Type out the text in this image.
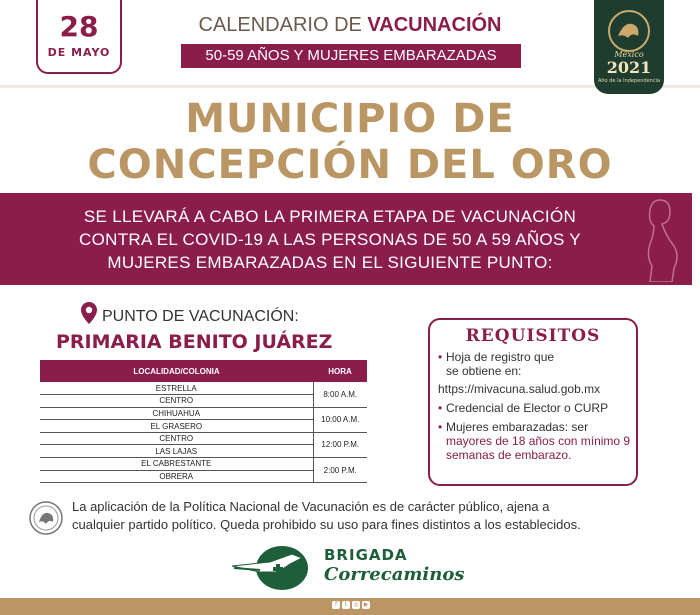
28
DE MAYO
CALENDARIO DE VACUNACIÓN
50-59 AÑOS Y MUJERES EMBARAZADAS	México
2021
Año de la Independencia
MUNICIPIO DE
CONCEPCIÓN DEL ORO
SE LLEVARÁ A CABO LA PRIMERA ETAPA DE VACUNACIÓN
CONTRA EL COVID-19 A LAS PERSONAS DE 50 A 59 AÑOS Y
MUJERES EMBARAZADAS EN EL SIGUIENTE PUNTO:
PUNTO DE VACUNACIÓN:
PRIMARIA BENITO JUÁREZ
LOCALIDAD/COLONIA	HORA
ESTRELLA	8:00 A.M.
CENTRO	
CHIHUAHUA	10:00 A.M.
EL GRASERO	
CENTRO	12:00 P.M.
LAS LAJAS	
EL CABRESTANTE	2:00 P.M.
OBRERA	
REQUISITOS
• Hoja de registro que
se obtiene en:
https://mivacuna.salud.gob.mx
• Credencial de Elector o CURP
• Mujeres embarazadas: ser mayores de 18 años con mínimo 9 semanas de embarazo.
La aplicación de la Política Nacional de Vacunación es de carácter público, ajena a
cualquier partido político. Queda prohibido su uso para fines distintos a los establecidos.
BRIGADA
Correcaminos
f	t	◎ ▶
